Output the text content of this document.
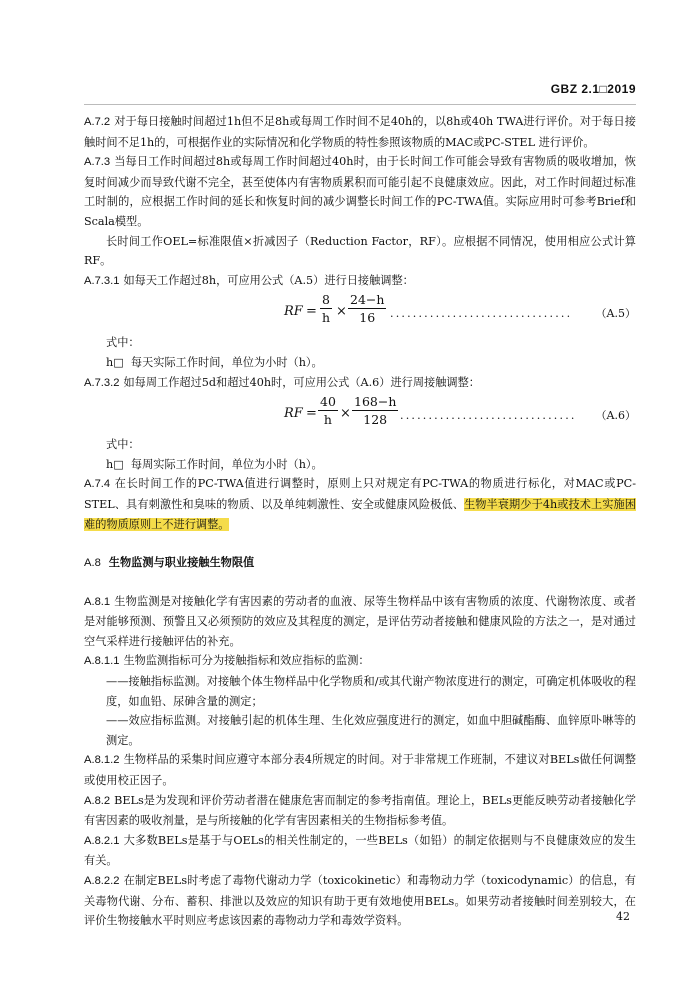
GBZ 2.1□2019

A.7.2 对于每日接触时间超过1h但不足8h或每周工作时间不足40h的，以8h或40h TWA进行评价。对于每日接触时间不足1h的，可根据作业的实际情况和化学物质的特性参照该物质的MAC或PC-STEL 进行评价。

A.7.3 当每日工作时间超过8h或每周工作时间超过40h时，由于长时间工作可能会导致有害物质的吸收增加，恢复时间减少而导致代谢不完全，甚至使体内有害物质累积而可能引起不良健康效应。因此，对工作时间超过标准工时制的，应根据工作时间的延长和恢复时间的减少调整长时间工作的PC-TWA值。实际应用时可参考Brief和Scala模型。

长时间工作OEL=标准限值×折减因子（Reduction Factor，RF）。应根据不同情况，使用相应公式计算RF。

A.7.3.1 如每天工作超过8h，可应用公式（A.5）进行日接触调整：

RF = $\frac{8}{h} \times \frac{24-h}{16}$ ................................ （A.5）

式中：

h□ 每天实际工作时间，单位为小时（h）。

A.7.3.2 如每周工作超过5d和超过40h时，可应用公式（A.6）进行周接触调整：

RF = $\frac{40}{h} \times \frac{168-h}{128}$ ............................... （A.6）

式中：

h□ 每周实际工作时间，单位为小时（h）。

A.7.4 在长时间工作的PC-TWA值进行调整时，原则上只对规定有PC-TWA的物质进行标化，对MAC或PC-STEL、具有刺激性和臭味的物质、以及单纯刺激性、安全或健康风险极低、生物半衰期少于4h或技术上实施困难的物质原则上不进行调整。

A.8 生物监测与职业接触生物限值

A.8.1 生物监测是对接触化学有害因素的劳动者的血液、尿等生物样品中该有害物质的浓度、代谢物浓度、或者是对能够预测、预警且又必须预防的效应及其程度的测定，是评估劳动者接触和健康风险的方法之一，是对通过空气采样进行接触评估的补充。

A.8.1.1 生物监测指标可分为接触指标和效应指标的监测：

——接触指标监测。对接触个体生物样品中化学物质和/或其代谢产物浓度进行的测定，可确定机体吸收的程度，如血铅、尿砷含量的测定；

——效应指标监测。对接触引起的机体生理、生化效应强度进行的测定，如血中胆碱酯酶、血锌原卟啉等的测定。

A.8.1.2 生物样品的采集时间应遵守本部分表4所规定的时间。对于非常规工作班制，不建议对BELs做任何调整或使用校正因子。

A.8.2 BELs是为发现和评价劳动者潜在健康危害而制定的参考指南值。理论上，BELs更能反映劳动者接触化学有害因素的吸收剂量，是与所接触的化学有害因素相关的生物指标参考值。

A.8.2.1 大多数BELs是基于与OELs的相关性制定的，一些BELs（如铅）的制定依据则与不良健康效应的发生有关。

A.8.2.2 在制定BELs时考虑了毒物代谢动力学（toxicokinetic）和毒物动力学（toxicodynamic）的信息，有关毒物代谢、分布、蓄积、排泄以及效应的知识有助于更有效地使用BELs。如果劳动者接触时间差别较大，在评价生物接触水平时则应考虑该因素的毒物动力学和毒效学资料。	42
